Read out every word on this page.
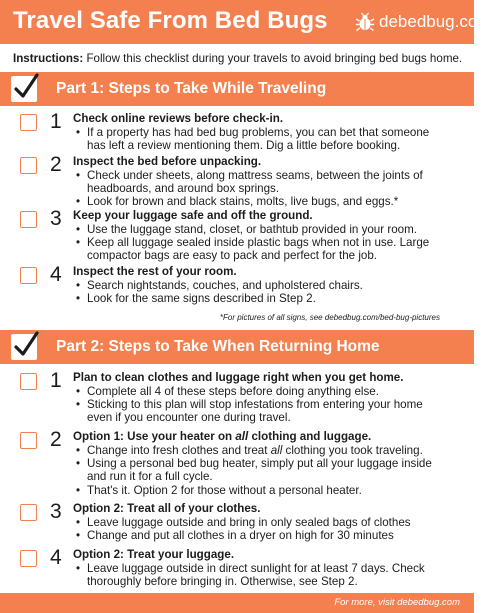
Travel Safe From Bed Bugs	debedbug.com
Instructions: Follow this checklist during your travels to avoid bringing bed bugs home.
Part 1: Steps to Take While Traveling
1 Check online reviews before check-in.
• If a property has had bed bug problems, you can bet that someone
has left a review mentioning them. Dig a little before booking.
2 Inspect the bed before unpacking.
• Check under sheets, along mattress seams, between the joints of
headboards, and around box springs.
• Look for brown and black stains, molts, live bugs, and eggs.*
3 Keep your luggage safe and off the ground.
• Use the luggage stand, closet, or bathtub provided in your room.
• Keep all luggage sealed inside plastic bags when not in use. Large
compactor bags are easy to pack and perfect for the job.
4 Inspect the rest of your room.
• Search nightstands, couches, and upholstered chairs.
• Look for the same signs described in Step 2.
*For pictures of all signs, see debedbug.com/bed-bug-pictures
Part 2: Steps to Take When Returning Home
1 Plan to clean clothes and luggage right when you get home.
• Complete all 4 of these steps before doing anything else.
• Sticking to this plan will stop infestations from entering your home
even if you encounter one during travel.
2 Option 1: Use your heater on all clothing and luggage.
• Change into fresh clothes and treat all clothing you took traveling.
• Using a personal bed bug heater, simply put all your luggage inside
and run it for a full cycle.
• That's it. Option 2 for those without a personal heater.
3 Option 2: Treat all of your clothes.
• Leave luggage outside and bring in only sealed bags of clothes
• Change and put all clothes in a dryer on high for 30 minutes
4 Option 2: Treat your luggage.
• Leave luggage outside in direct sunlight for at least 7 days. Check
thoroughly before bringing in. Otherwise, see Step 2.
For more, visit debedbug.com
